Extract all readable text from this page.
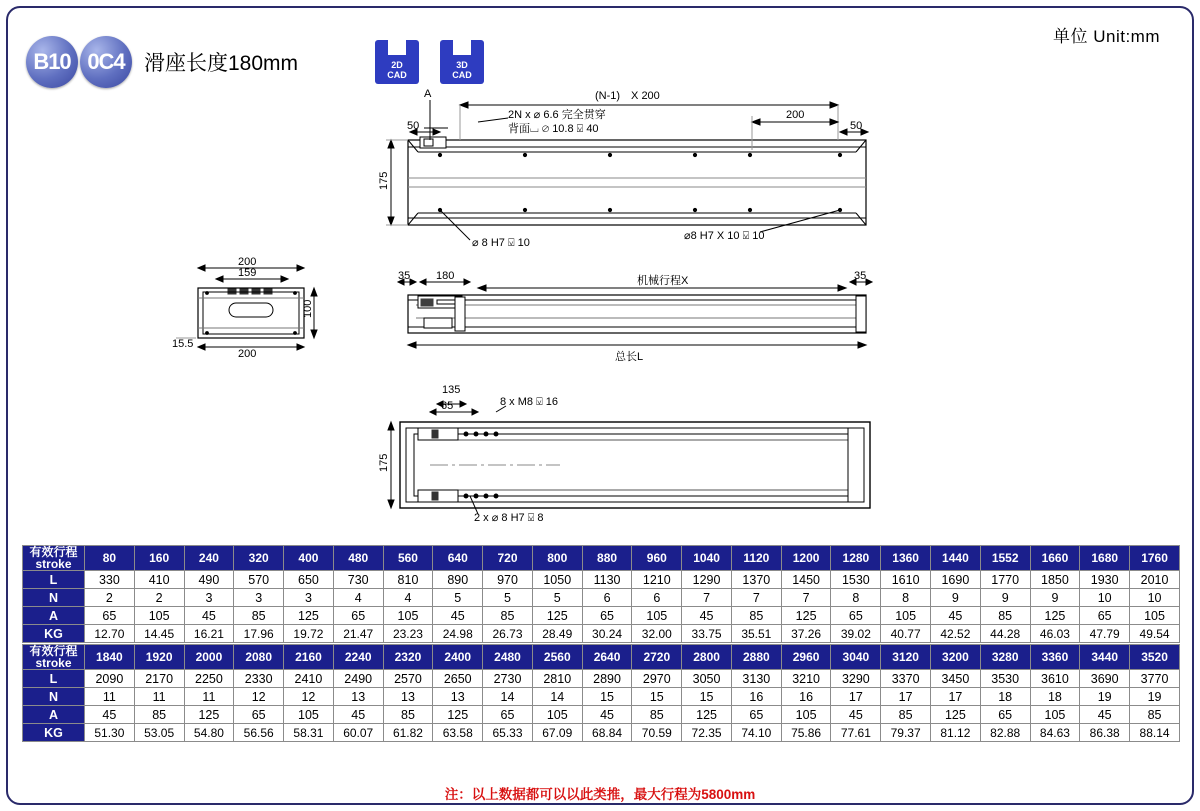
单位 Unit:mm
B10 0C4 滑座长度180mm	2D
CAD
3D
CAD
A	(N-1)　X 200
2N x ⌀ 6.6 完全贯穿
背面⌴ ⌀ 10.8 ⍌ 40
50
200
50
175
⌀ 8 H7 ⍌ 10
⌀8 H7 X 10 ⍌ 10
200
159
100
15.5
200
35 180	机械行程X	35
总长L
135
65	8 x M8 ⍌ 16
175
2 x ⌀ 8 H7 ⍌ 8
有效行程
stroke	80	160	240	320	400	480	560	640	720	800	880	960	1040	1120	1200	1280	1360	1440	1552	1660	1680	1760
L	330	410	490	570	650	730	810	890	970	1050	1130	1210	1290	1370	1450	1530	1610	1690	1770	1850	1930	2010
N	2	2	3	3	3	4	4	5	5	5	6	6	7	7	7	8	8	9	9	9	10	10
A	65	105	45	85	125	65	105	45	85	125	65	105	45	85	125	65	105	45	85	125	65	105
KG	12.70	14.45	16.21	17.96	19.72	21.47	23.23	24.98	26.73	28.49	30.24	32.00	33.75	35.51	37.26	39.02	40.77	42.52	44.28	46.03	47.79	49.54
有效行程
stroke	1840	1920	2000	2080	2160	2240	2320	2400	2480	2560	2640	2720	2800	2880	2960	3040	3120	3200	3280	3360	3440	3520
L	2090	2170	2250	2330	2410	2490	2570	2650	2730	2810	2890	2970	3050	3130	3210	3290	3370	3450	3530	3610	3690	3770
N	11	11	11	12	12	13	13	13	14	14	15	15	15	16	16	17	17	17	18	18	19	19
A	45	85	125	65	105	45	85	125	65	105	45	85	125	65	105	45	85	125	65	105	45	85
KG	51.30	53.05	54.80	56.56	58.31	60.07	61.82	63.58	65.33	67.09	68.84	70.59	72.35	74.10	75.86	77.61	79.37	81.12	82.88	84.63	86.38	88.14
注：以上数据都可以以此类推，最大行程为5800mm
